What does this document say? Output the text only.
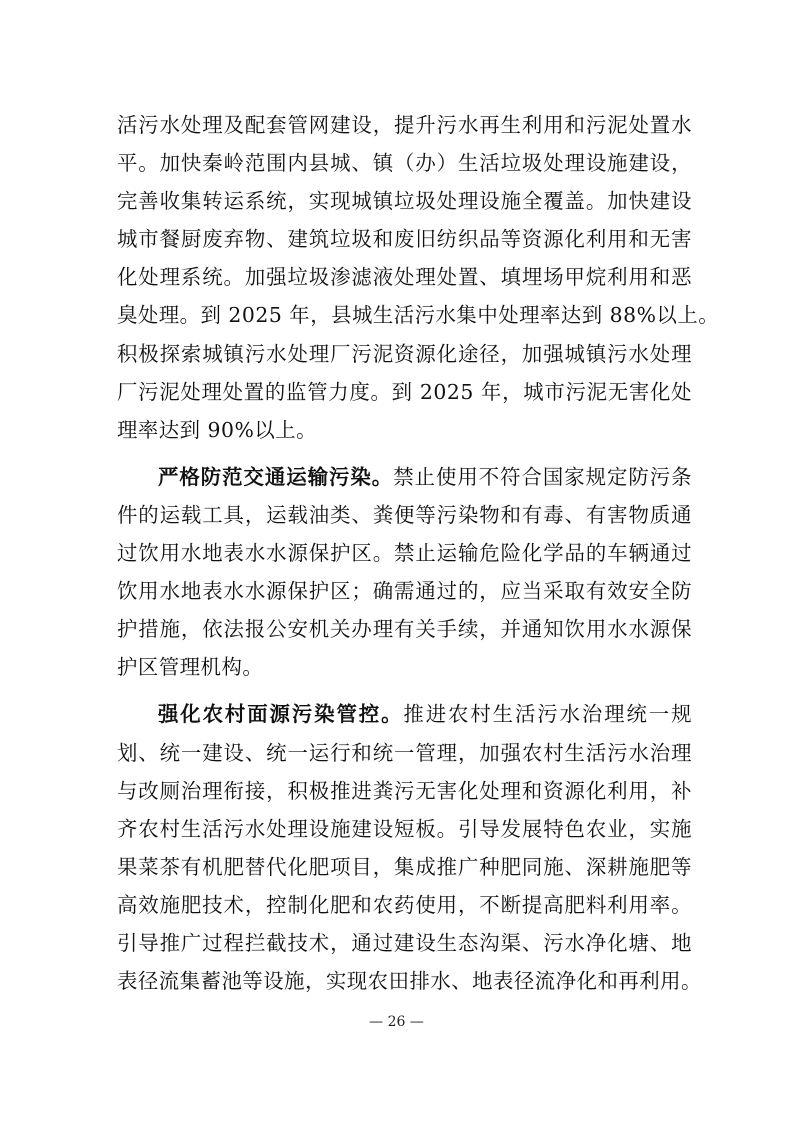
活污水处理及配套管网建设，提升污水再生利用和污泥处置水
平。加快秦岭范围内县城、镇（办）生活垃圾处理设施建设，
完善收集转运系统，实现城镇垃圾处理设施全覆盖。加快建设
城市餐厨废弃物、建筑垃圾和废旧纺织品等资源化利用和无害
化处理系统。加强垃圾渗滤液处理处置、填埋场甲烷利用和恶
臭处理。到 2025 年，县城生活污水集中处理率达到 88%以上。
积极探索城镇污水处理厂污泥资源化途径，加强城镇污水处理
厂污泥处理处置的监管力度。到 2025 年，城市污泥无害化处
理率达到 90%以上。
严格防范交通运输污染。禁止使用不符合国家规定防污条
件的运载工具，运载油类、粪便等污染物和有毒、有害物质通
过饮用水地表水水源保护区。禁止运输危险化学品的车辆通过
饮用水地表水水源保护区；确需通过的，应当采取有效安全防
护措施，依法报公安机关办理有关手续，并通知饮用水水源保
护区管理机构。
强化农村面源污染管控。推进农村生活污水治理统一规
划、统一建设、统一运行和统一管理，加强农村生活污水治理
与改厕治理衔接，积极推进粪污无害化处理和资源化利用，补
齐农村生活污水处理设施建设短板。引导发展特色农业，实施
果菜茶有机肥替代化肥项目，集成推广种肥同施、深耕施肥等
高效施肥技术，控制化肥和农药使用，不断提高肥料利用率。
引导推广过程拦截技术，通过建设生态沟渠、污水净化塘、地
表径流集蓄池等设施，实现农田排水、地表径流净化和再利用。
— 26 —
